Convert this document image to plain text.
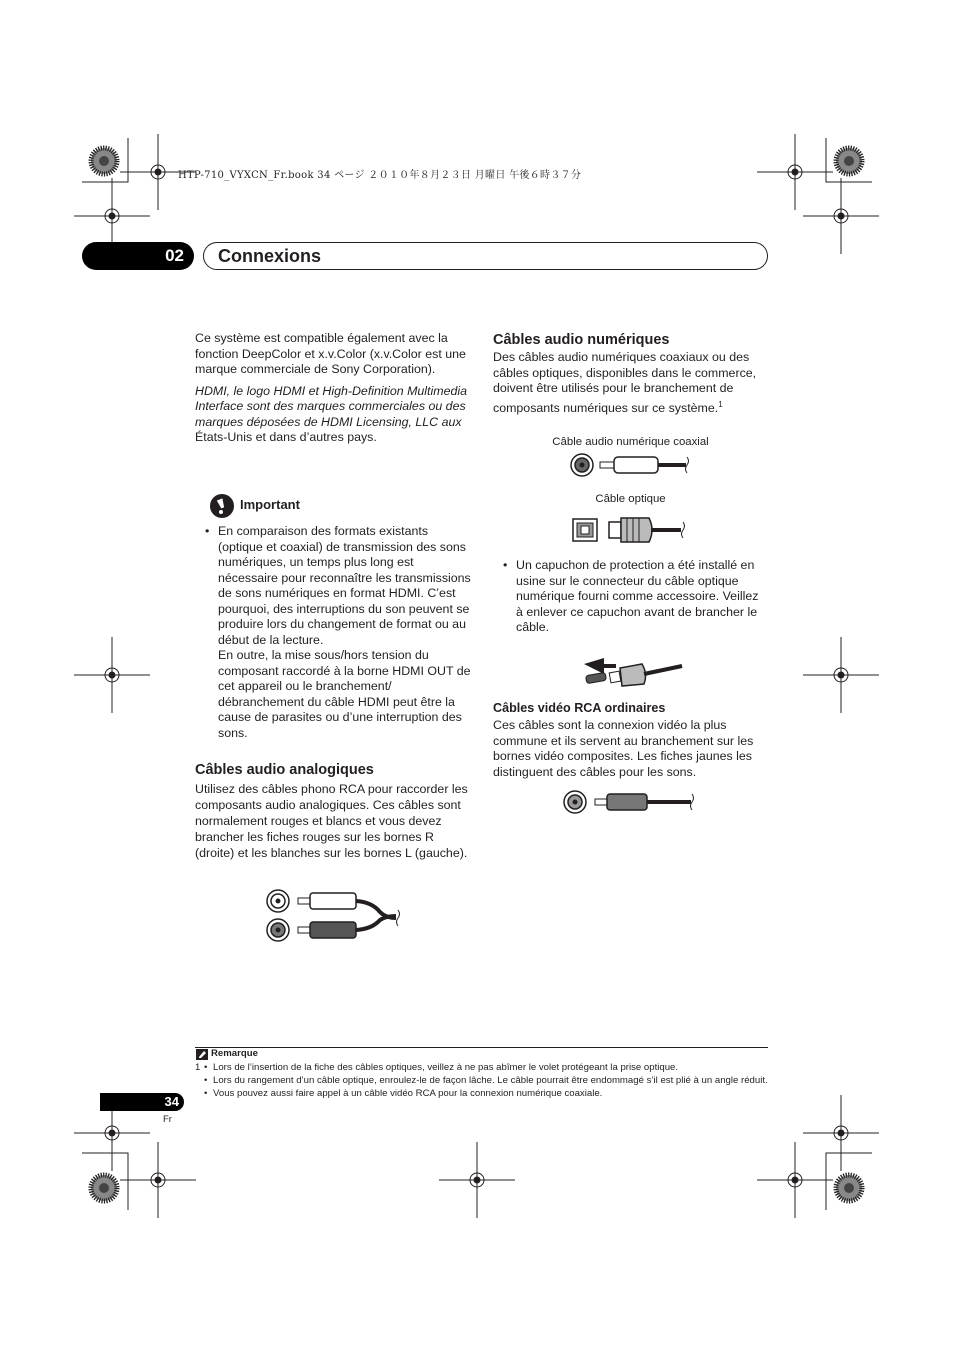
HTP-710_VYXCN_Fr.book 34 ページ ２０１０年８月２３日 月曜日 午後６時３７分
02	Connexions

Ce système est compatible également avec la fonction DeepColor et x.v.Color (x.v.Color est une marque commerciale de Sony Corporation).

HDMI, le logo HDMI et High-Definition Multimedia Interface sont des marques commerciales ou des marques déposées de HDMI Licensing, LLC aux États-Unis et dans d’autres pays.

Important
• En comparaison des formats existants (optique et coaxial) de transmission des sons numériques, un temps plus long est nécessaire pour reconnaître les transmissions de sons numériques en format HDMI. C’est pourquoi, des interruptions du son peuvent se produire lors du changement de format ou au début de la lecture.
En outre, la mise sous/hors tension du composant raccordé à la borne HDMI OUT de cet appareil ou le branchement/ débranchement du câble HDMI peut être la cause de parasites ou d’une interruption des sons.
Câbles audio analogiques
Utilisez des câbles phono RCA pour raccorder les composants audio analogiques. Ces câbles sont normalement rouges et blancs et vous devez brancher les fiches rouges sur les bornes R (droite) et les blanches sur les bornes L (gauche).
Câbles audio numériques
Des câbles audio numériques coaxiaux ou des câbles optiques, disponibles dans le commerce, doivent être utilisés pour le branchement de composants numériques sur ce système.$^1$
Câble audio numérique coaxial
Câble optique
• Un capuchon de protection a été installé en usine sur le connecteur du câble optique numérique fourni comme accessoire. Veillez à enlever ce capuchon avant de brancher le câble.
Câbles vidéo RCA ordinaires
Ces câbles sont la connexion vidéo la plus commune et ils servent au branchement sur les bornes vidéo composites. Les fiches jaunes les distinguent des câbles pour les sons.
Remarque
1 • Lors de l’insertion de la fiche des câbles optiques, veillez à ne pas abîmer le volet protégeant la prise optique.
• Lors du rangement d’un câble optique, enroulez-le de façon lâche. Le câble pourrait être endommagé s’il est plié à un angle réduit.
• Vous pouvez aussi faire appel à un câble vidéo RCA pour la connexion numérique coaxiale.
34
Fr
